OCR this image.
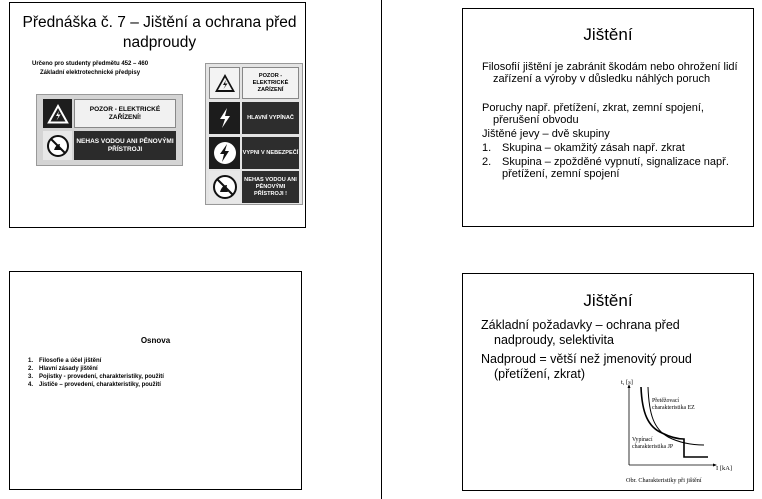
Přednáška č. 7 – Jištění a ochrana před nadproudy
Určeno pro studenty předmětu 452 – 460
Základní elektrotechnické předpisy
POZOR - ELEKTRICKÉ ZAŘÍZENÍ!
NEHAS VODOU ANI PĚNOVÝMI PŘÍSTROJI
POZOR - ELEKTRICKÉ ZAŘÍZENÍ
HLAVNÍ VYPÍNAČ
VYPNI V NEBEZPEČÍ
NEHAS VODOU ANI PĚNOVÝMI PŘÍSTROJI !
Jištění

Filosofií jištění je zabránit škodám nebo ohrožení lidí zařízení a výroby v důsledku náhlých poruch

Poruchy např. přetížení, zkrat, zemní spojení, přerušení obvodu

Jištěné jevy – dvě skupiny

1. Skupina – okamžitý zásah např. zkrat
2. Skupina – zpožděné vypnutí, signalizace např. přetížení, zemní spojení
Osnova
1. Filosofie a účel jištění
2. Hlavní zásady jištění
3. Pojistky - provedení, charakteristiky, použití
4. Jističe – provedení, charakteristiky, použití
Jištění

Základní požadavky – ochrana před nadproudy, selektivita

Nadproud = větší než jmenovitý proud (přetížení, zkrat)

t, [s]
I [kA]
Přetěžovací charakteristika EZ
Vypínací charakteristika JP
Obr. Charakteristiky při jištění
